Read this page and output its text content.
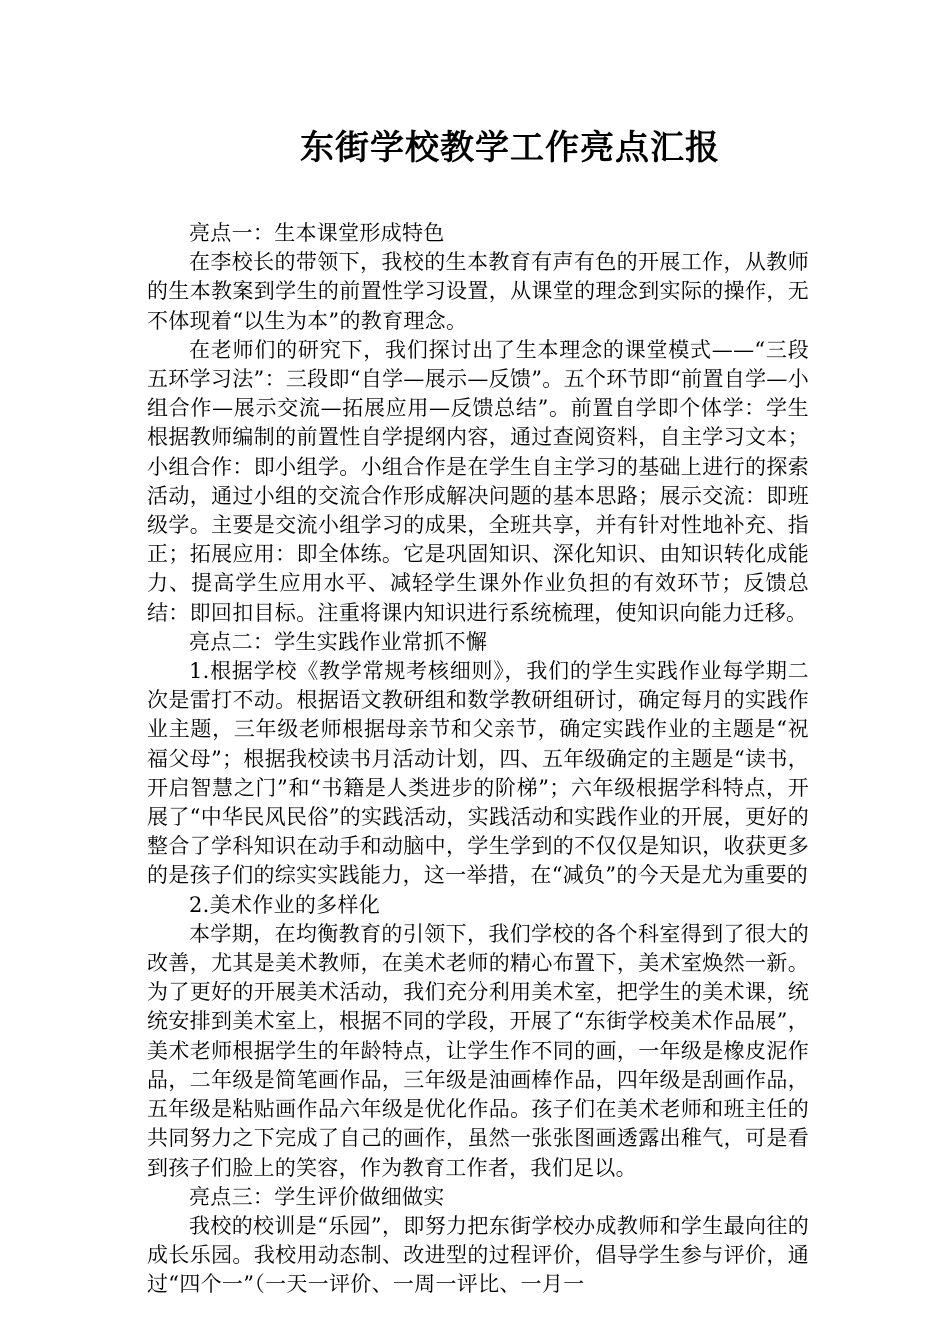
东街学校教学工作亮点汇报

亮点一：生本课堂形成特色

在李校长的带领下，我校的生本教育有声有色的开展工作，从教师的生本教案到学生的前置性学习设置，从课堂的理念到实际的操作，无不体现着“以生为本”的教育理念。

在老师们的研究下，我们探讨出了生本理念的课堂模式——“三段五环学习法”：三段即“自学—展示—反馈”。五个环节即“前置自学—小组合作—展示交流—拓展应用—反馈总结”。前置自学即个体学：学生根据教师编制的前置性自学提纲内容，通过查阅资料，自主学习文本；小组合作：即小组学。小组合作是在学生自主学习的基础上进行的探索活动，通过小组的交流合作形成解决问题的基本思路；展示交流：即班级学。主要是交流小组学习的成果，全班共享，并有针对性地补充、指正；拓展应用：即全体练。它是巩固知识、深化知识、由知识转化成能力、提高学生应用水平、减轻学生课外作业负担的有效环节；反馈总结：即回扣目标。注重将课内知识进行系统梳理，使知识向能力迁移。

亮点二：学生实践作业常抓不懈

1.根据学校《教学常规考核细则》，我们的学生实践作业每学期二次是雷打不动。根据语文教研组和数学教研组研讨，确定每月的实践作业主题，三年级老师根据母亲节和父亲节，确定实践作业的主题是“祝福父母”；根据我校读书月活动计划，四、五年级确定的主题是“读书，开启智慧之门”和“书籍是人类进步的阶梯”；六年级根据学科特点，开展了“中华民风民俗”的实践活动，实践活动和实践作业的开展，更好的整合了学科知识在动手和动脑中，学生学到的不仅仅是知识，收获更多的是孩子们的综实实践能力，这一举措，在“减负”的今天是尤为重要的

2.美术作业的多样化

本学期，在均衡教育的引领下，我们学校的各个科室得到了很大的改善，尤其是美术教师，在美术老师的精心布置下，美术室焕然一新。为了更好的开展美术活动，我们充分利用美术室，把学生的美术课，统统安排到美术室上，根据不同的学段，开展了“东街学校美术作品展”，美术老师根据学生的年龄特点，让学生作不同的画，一年级是橡皮泥作品，二年级是简笔画作品，三年级是油画棒作品，四年级是刮画作品，五年级是粘贴画作品六年级是优化作品。孩子们在美术老师和班主任的共同努力之下完成了自己的画作，虽然一张张图画透露出稚气，可是看到孩子们脸上的笑容，作为教育工作者，我们足以。

亮点三：学生评价做细做实

我校的校训是“乐园”，即努力把东街学校办成教师和学生最向往的成长乐园。我校用动态制、改进型的过程评价，倡导学生参与评价，通过“四个一”（一天一评价、一周一评比、一月一
